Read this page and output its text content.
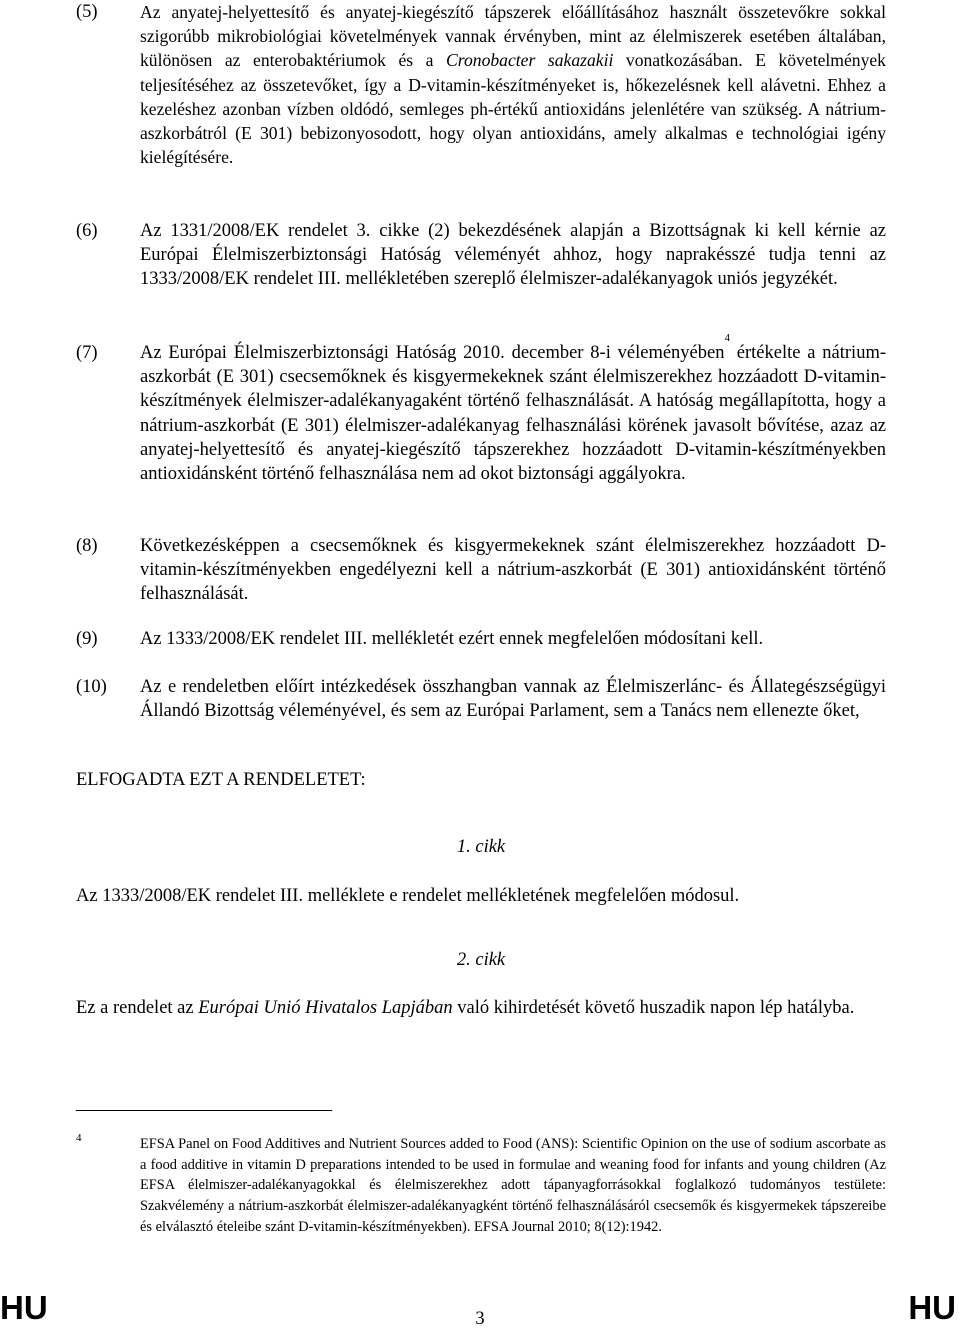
(5)	Az anyatej-helyettesítő és anyatej-kiegészítő tápszerek előállításához használt összetevőkre sokkal szigorúbb mikrobiológiai követelmények vannak érvényben, mint az élelmiszerek esetében általában, különösen az enterobaktériumok és a Cronobacter sakazakii vonatkozásában. E követelmények teljesítéséhez az összetevőket, így a D-vitamin-készítményeket is, hőkezelésnek kell alávetni. Ehhez a kezeléshez azonban vízben oldódó, semleges ph-értékű antioxidáns jelenlétére van szükség. A nátrium-aszkorbátról (E 301) bebizonyosodott, hogy olyan antioxidáns, amely alkalmas e technológiai igény kielégítésére.
(6)	Az 1331/2008/EK rendelet 3. cikke (2) bekezdésének alapján a Bizottságnak ki kell kérnie az Európai Élelmiszerbiztonsági Hatóság véleményét ahhoz, hogy naprakésszé tudja tenni az 1333/2008/EK rendelet III. mellékletében szereplő élelmiszer-adalékanyagok uniós jegyzékét.
(7)	Az Európai Élelmiszerbiztonsági Hatóság 2010. december 8-i véleményében$^4$ értékelte a nátrium-aszkorbát (E 301) csecsemőknek és kisgyermekeknek szánt élelmiszerekhez hozzáadott D-vitamin-készítmények élelmiszer-adalékanyagaként történő felhasználását. A hatóság megállapította, hogy a nátrium-aszkorbát (E 301) élelmiszer-adalékanyag felhasználási körének javasolt bővítése, azaz az anyatej-helyettesítő és anyatej-kiegészítő tápszerekhez hozzáadott D-vitamin-készítményekben antioxidánsként történő felhasználása nem ad okot biztonsági aggályokra.
(8)	Következésképpen a csecsemőknek és kisgyermekeknek szánt élelmiszerekhez hozzáadott D-vitamin-készítményekben engedélyezni kell a nátrium-aszkorbát (E 301) antioxidánsként történő felhasználását.
(9)	Az 1333/2008/EK rendelet III. mellékletét ezért ennek megfelelően módosítani kell.
(10)	Az e rendeletben előírt intézkedések összhangban vannak az Élelmiszerlánc- és Állategészségügyi Állandó Bizottság véleményével, és sem az Európai Parlament, sem a Tanács nem ellenezte őket,
ELFOGADTA EZT A RENDELETET:
1. cikk
Az 1333/2008/EK rendelet III. melléklete e rendelet mellékletének megfelelően módosul.
2. cikk
Ez a rendelet az Európai Unió Hivatalos Lapjában való kihirdetését követő huszadik napon lép hatályba.
4	EFSA Panel on Food Additives and Nutrient Sources added to Food (ANS): Scientific Opinion on the use of sodium ascorbate as a food additive in vitamin D preparations intended to be used in formulae and weaning food for infants and young children (Az EFSA élelmiszer-adalékanyagokkal és élelmiszerekhez adott tápanyagforrásokkal foglalkozó tudományos testülete: Szakvélemény a nátrium-aszkorbát élelmiszer-adalékanyagként történő felhasználásáról csecsemők és kisgyermekek tápszereibe és elválasztó ételeibe szánt D-vitamin-készítményekben). EFSA Journal 2010; 8(12):1942.
HU	3	HU
